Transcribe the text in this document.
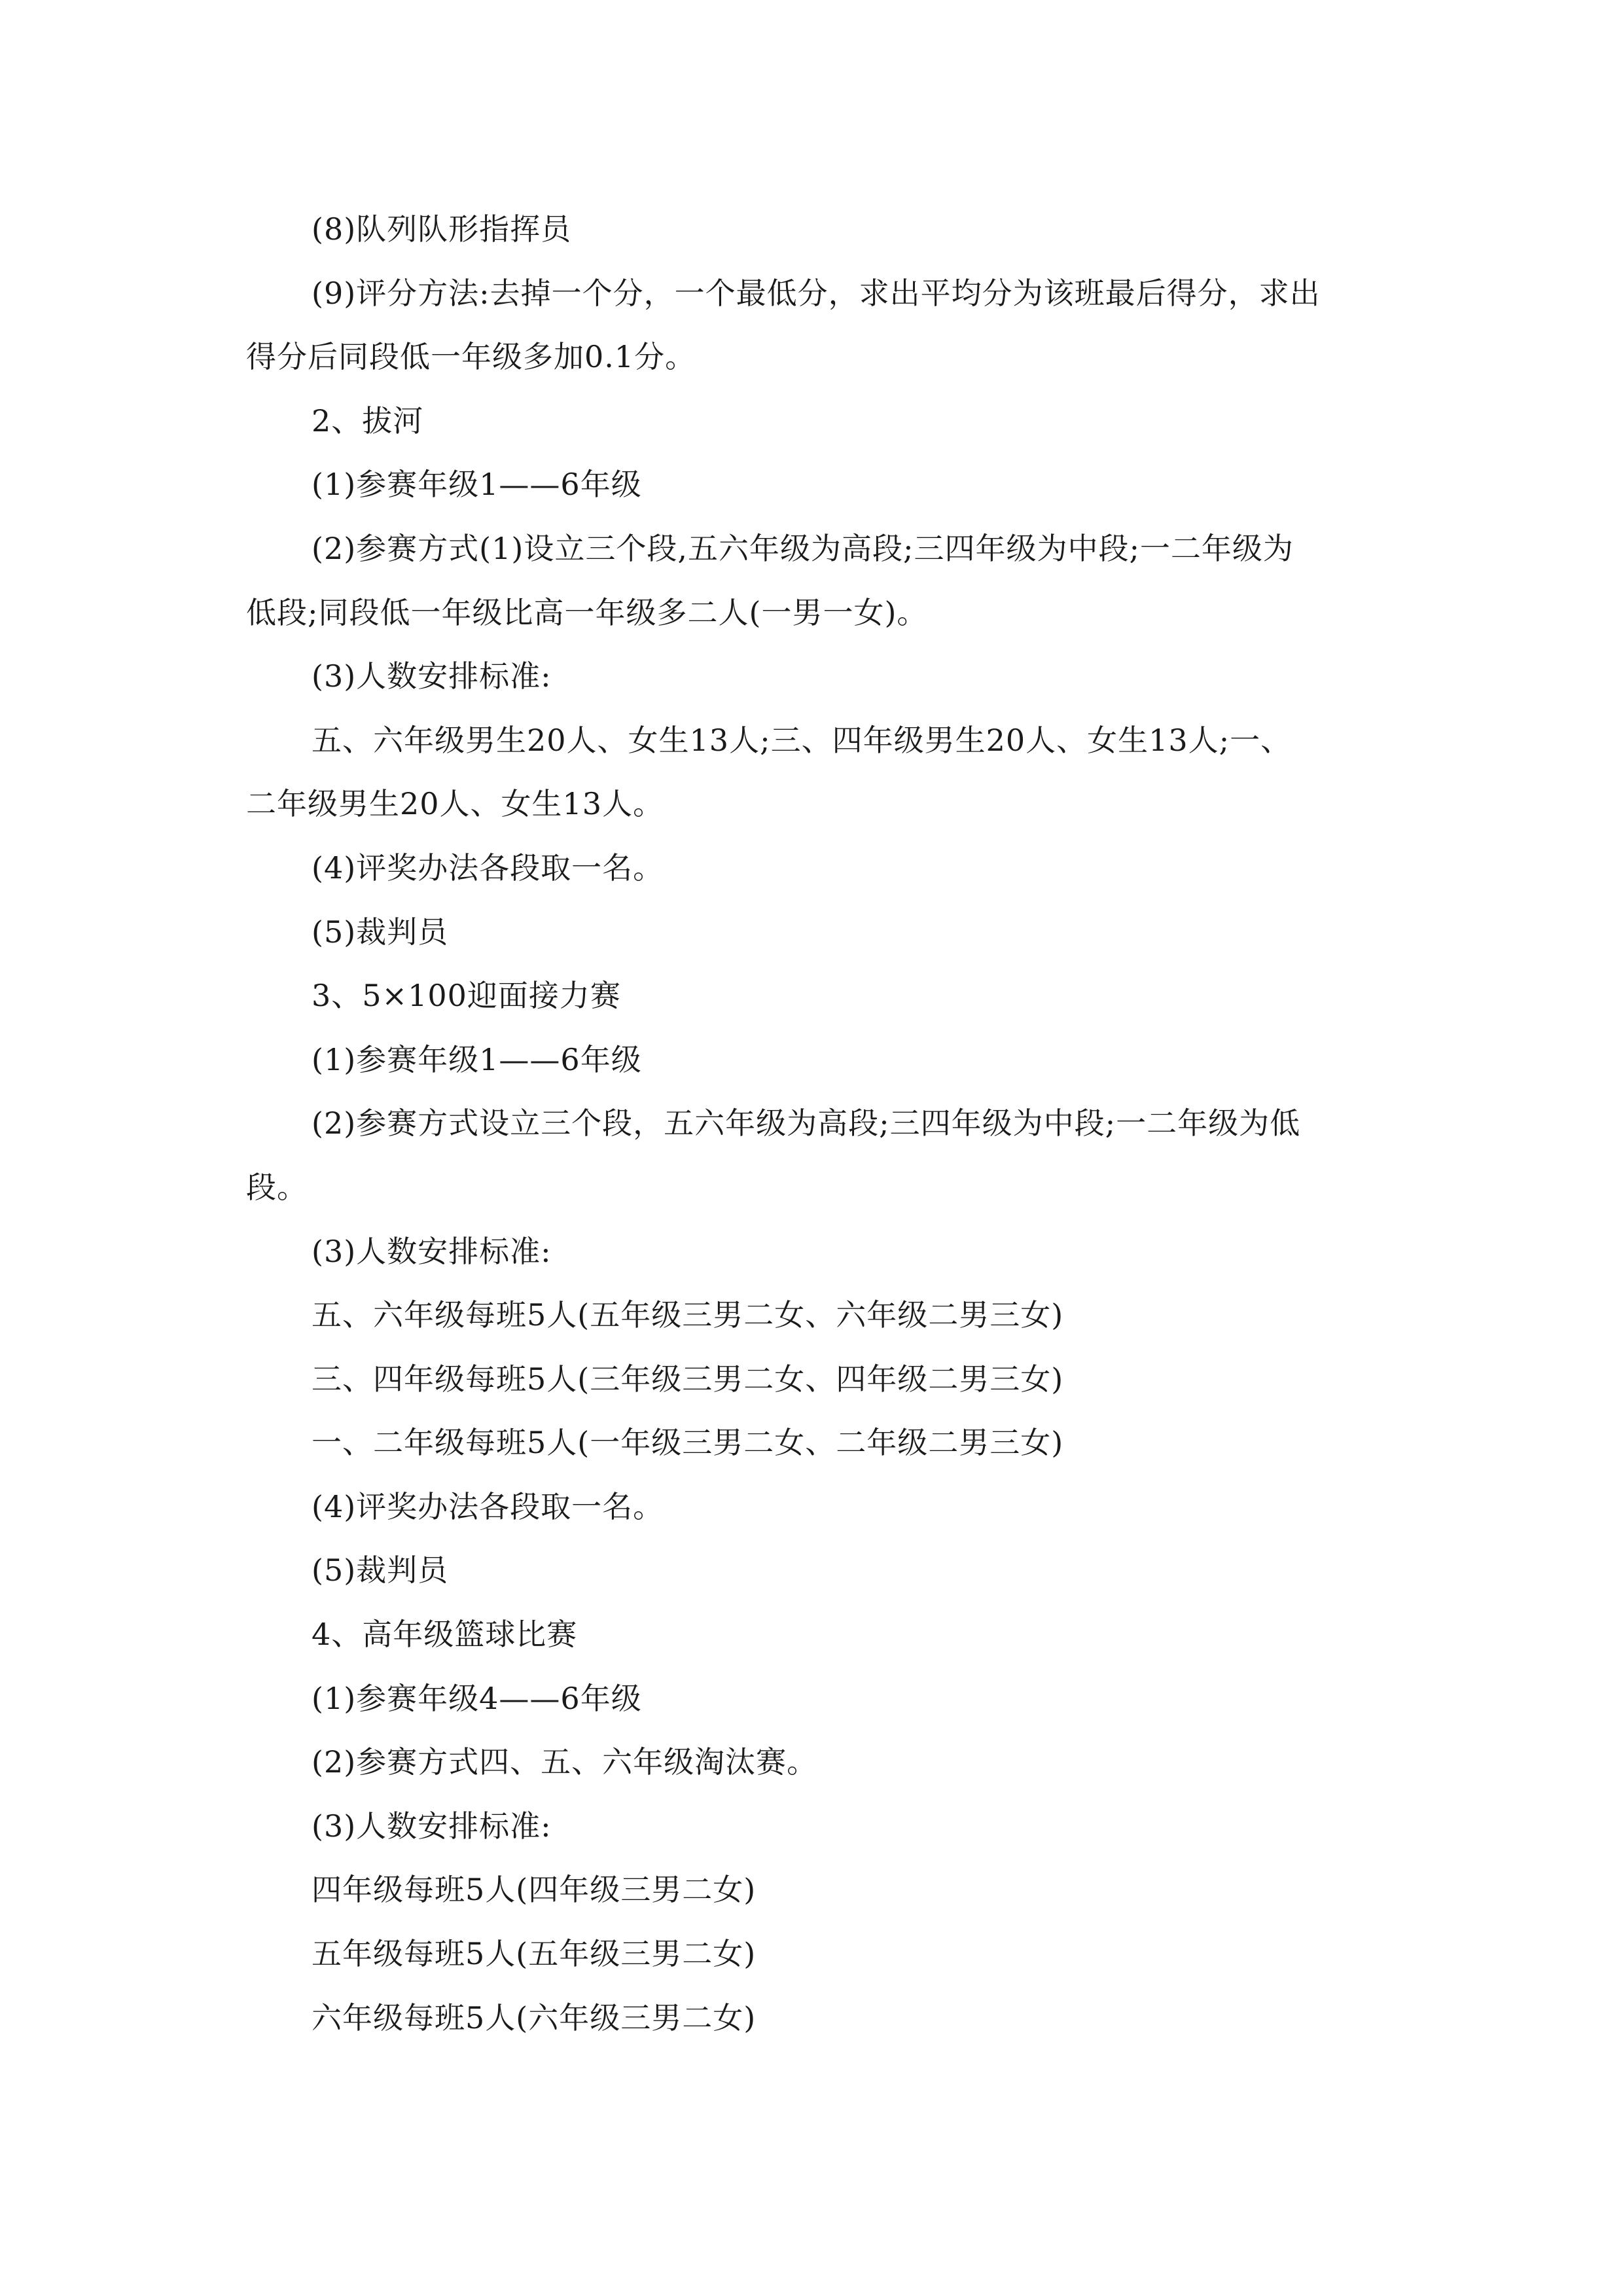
(8)队列队形指挥员
(9)评分方法:去掉一个分，一个最低分，求出平均分为该班最后得分，求出
得分后同段低一年级多加0.1分。
2、拔河
(1)参赛年级1——6年级
(2)参赛方式(1)设立三个段,五六年级为高段;三四年级为中段;一二年级为
低段;同段低一年级比高一年级多二人(一男一女)。
(3)人数安排标准:
五、六年级男生20人、女生13人;三、四年级男生20人、女生13人;一、
二年级男生20人、女生13人。
(4)评奖办法各段取一名。
(5)裁判员
3、5×100迎面接力赛
(1)参赛年级1——6年级
(2)参赛方式设立三个段，五六年级为高段;三四年级为中段;一二年级为低
段。
(3)人数安排标准:
五、六年级每班5人(五年级三男二女、六年级二男三女)
三、四年级每班5人(三年级三男二女、四年级二男三女)
一、二年级每班5人(一年级三男二女、二年级二男三女)
(4)评奖办法各段取一名。
(5)裁判员
4、高年级篮球比赛
(1)参赛年级4——6年级
(2)参赛方式四、五、六年级淘汰赛。
(3)人数安排标准:
四年级每班5人(四年级三男二女)
五年级每班5人(五年级三男二女)
六年级每班5人(六年级三男二女)
